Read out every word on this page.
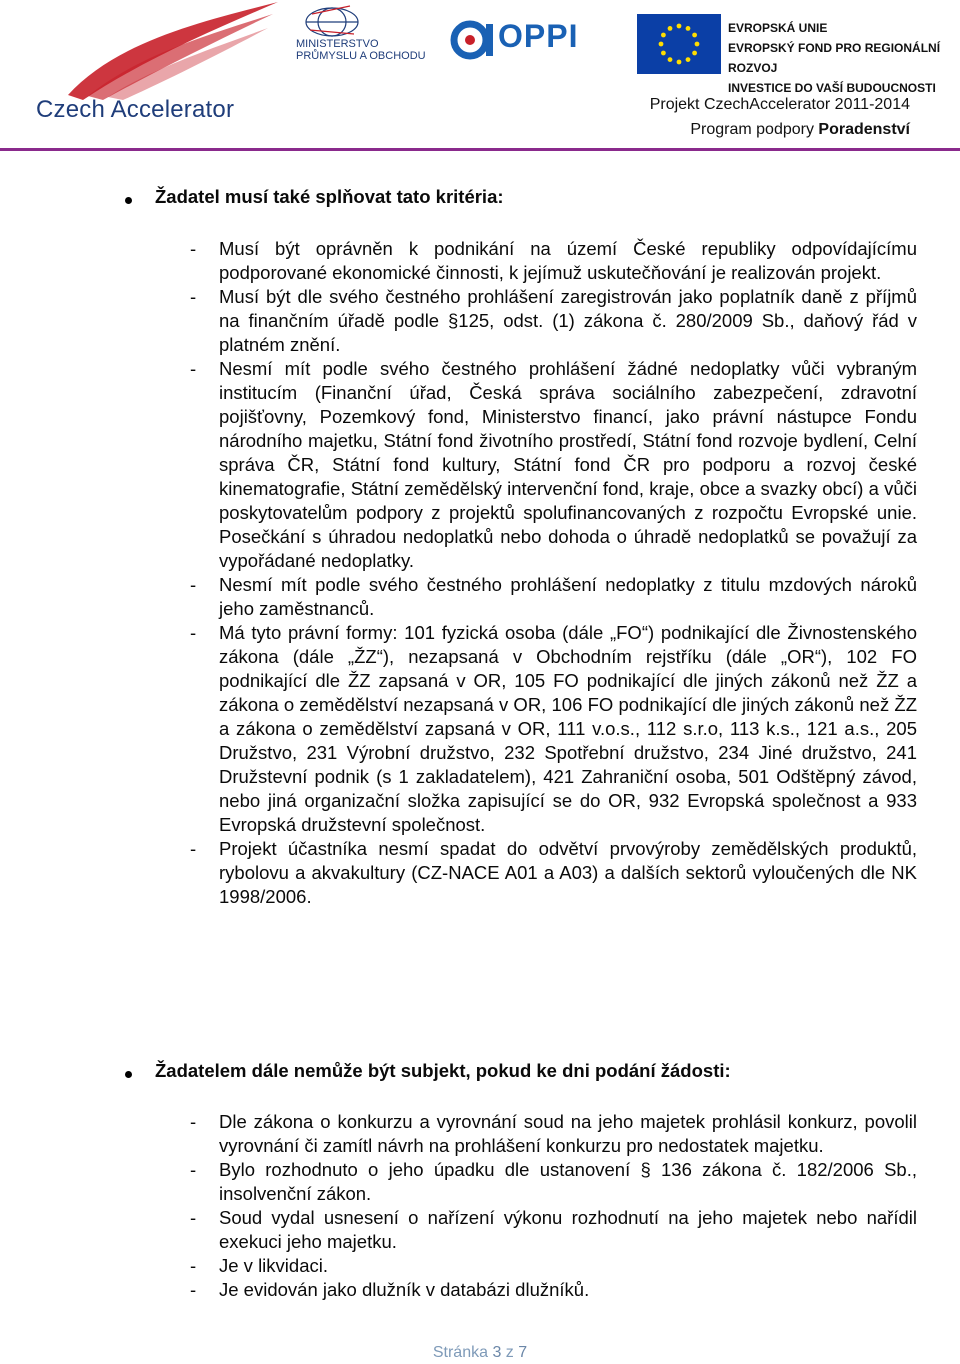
Czech Accelerator
MINISTERSTVO
PRŮMYSLU A OBCHODU
OPPI	EVROPSKÁ UNIE
EVROPSKÝ FOND PRO REGIONÁLNÍ ROZVOJ
INVESTICE DO VAŠÍ BUDOUCNOSTI
Projekt CzechAccelerator 2011-2014
Program podpory Poradenství
Žadatel musí také splňovat tato kritéria:
- Musí být oprávněn k podnikání na území České republiky odpovídajícímu podporované ekonomické činnosti, k jejímuž uskutečňování je realizován projekt.
- Musí být dle svého čestného prohlášení zaregistrován jako poplatník daně z příjmů na finančním úřadě podle §125, odst. (1) zákona č. 280/2009 Sb., daňový řád v platném znění.
- Nesmí mít podle svého čestného prohlášení žádné nedoplatky vůči vybraným institucím (Finanční úřad, Česká správa sociálního zabezpečení, zdravotní pojišťovny, Pozemkový fond, Ministerstvo financí, jako právní nástupce Fondu národního majetku, Státní fond životního prostředí, Státní fond rozvoje bydlení, Celní správa ČR, Státní fond kultury, Státní fond ČR pro podporu a rozvoj české kinematografie, Státní zemědělský intervenční fond, kraje, obce a svazky obcí) a vůči poskytovatelům podpory z projektů spolufinancovaných z rozpočtu Evropské unie. Posečkání s úhradou nedoplatků nebo dohoda o úhradě nedoplatků se považují za vypořádané nedoplatky.
- Nesmí mít podle svého čestného prohlášení nedoplatky z titulu mzdových nároků jeho zaměstnanců.
- Má tyto právní formy: 101 fyzická osoba (dále „FO“) podnikající dle Živnostenského zákona (dále „ŽZ“), nezapsaná v Obchodním rejstříku (dále „OR“), 102 FO podnikající dle ŽZ zapsaná v OR, 105 FO podnikající dle jiných zákonů než ŽZ a zákona o zemědělství nezapsaná v OR, 106 FO podnikající dle jiných zákonů než ŽZ a zákona o zemědělství zapsaná v OR, 111 v.o.s., 112 s.r.o, 113 k.s., 121 a.s., 205 Družstvo, 231 Výrobní družstvo, 232 Spotřební družstvo, 234 Jiné družstvo, 241 Družstevní podnik (s 1 zakladatelem), 421 Zahraniční osoba, 501 Odštěpný závod, nebo jiná organizační složka zapisující se do OR, 932 Evropská společnost a 933 Evropská družstevní společnost.
- Projekt účastníka nesmí spadat do odvětví prvovýroby zemědělských produktů, rybolovu a akvakultury (CZ-NACE A01 a A03) a dalších sektorů vyloučených dle NK 1998/2006.
Žadatelem dále nemůže být subjekt, pokud ke dni podání žádosti:
- Dle zákona o konkurzu a vyrovnání soud na jeho majetek prohlásil konkurz, povolil vyrovnání či zamítl návrh na prohlášení konkurzu pro nedostatek majetku.
- Bylo rozhodnuto o jeho úpadku dle ustanovení § 136 zákona č. 182/2006 Sb., insolvenční zákon.
- Soud vydal usnesení o nařízení výkonu rozhodnutí na jeho majetek nebo nařídil exekuci jeho majetku.
- Je v likvidaci.
- Je evidován jako dlužník v databázi dlužníků.
Stránka 3 z 7
